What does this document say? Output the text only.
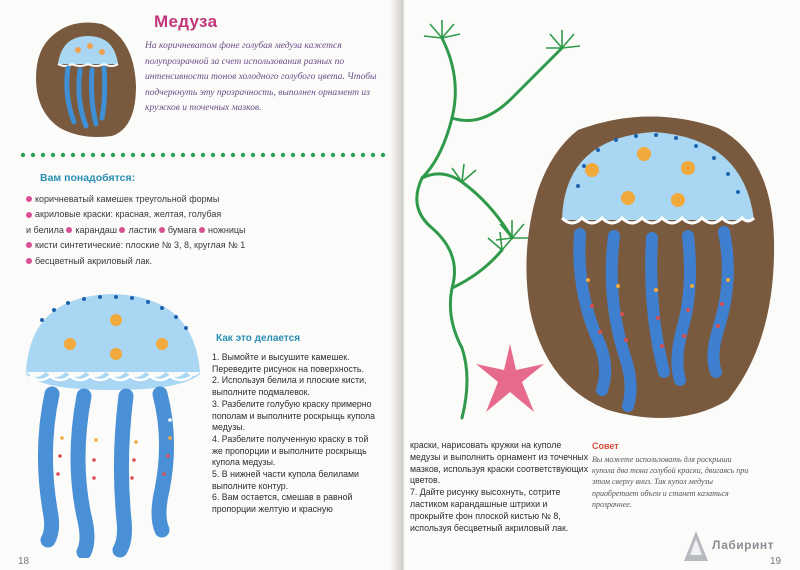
Медуза
На коричневатом фоне голубая медуза кажется полупрозрачной за счет использования разных по интенсивности тонов холодного голубого цвета. Чтобы подчеркнуть эту прозрачность, выполнен орнамент из кружков и точечных мазков.
Вам понадобятся:
коричневатый камешек треугольной формы
акриловые краски: красная, желтая, голубая
и белила карандаш ластик бумага ножницы
кисти синтетические: плоские № 3, 8, круглая № 1
бесцветный акриловый лак.
Как это делается

1. Вымойте и высушите камешек. Переведите рисунок на поверхность.

2. Используя белила и плоские кисти, выполните подмалевок.

3. Разбелите голубую краску примерно пополам и выполните роскрыщь купола медузы.

4. Разбелите полученную краску в той же пропорции и выполните роскрыщь купола медузы.

5. В нижней части купола белилами выполните контур.

6. Вам остается, смешав в равной пропорции желтую и красную

18

краски, нарисовать кружки на куполе медузы и выполнить орнамент из точечных мазков, используя краски соответствующих цветов.

7. Дайте рисунку высохнуть, сотрите ластиком карандашные штрихи и прокрыйте фон плоской кистью № 8, используя бесцветный акриловый лак.

Совет
Вы можете использовать для роскрыши купола два тона голубой краски, двигаясь при этом сверху вниз. Так купол медузы приобретает объем и станет казаться прозрачнее.
Лабиринт
19
